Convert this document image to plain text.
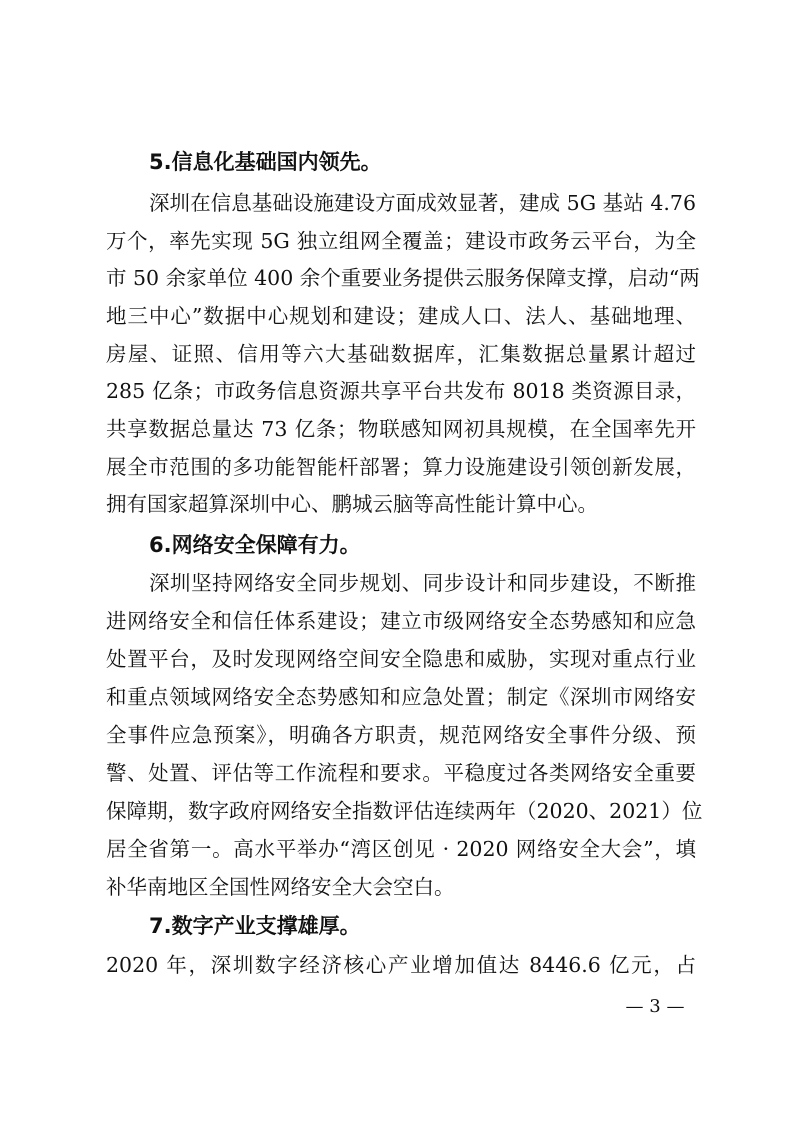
5.信息化基础国内领先。
深圳在信息基础设施建设方面成效显著，建成 5G 基站 4.76
万个，率先实现 5G 独立组网全覆盖；建设市政务云平台，为全
市 50 余家单位 400 余个重要业务提供云服务保障支撑，启动“两
地三中心”数据中心规划和建设；建成人口、法人、基础地理、
房屋、证照、信用等六大基础数据库，汇集数据总量累计超过
285 亿条；市政务信息资源共享平台共发布 8018 类资源目录，
共享数据总量达 73 亿条；物联感知网初具规模，在全国率先开
展全市范围的多功能智能杆部署；算力设施建设引领创新发展，
拥有国家超算深圳中心、鹏城云脑等高性能计算中心。
6.网络安全保障有力。
深圳坚持网络安全同步规划、同步设计和同步建设，不断推
进网络安全和信任体系建设；建立市级网络安全态势感知和应急
处置平台，及时发现网络空间安全隐患和威胁，实现对重点行业
和重点领域网络安全态势感知和应急处置；制定《深圳市网络安
全事件应急预案》，明确各方职责，规范网络安全事件分级、预
警、处置、评估等工作流程和要求。平稳度过各类网络安全重要
保障期，数字政府网络安全指数评估连续两年（2020、2021）位
居全省第一。高水平举办“湾区创见 · 2020 网络安全大会”，填
补华南地区全国性网络安全大会空白。
7.数字产业支撑雄厚。
2020 年，深圳数字经济核心产业增加值达 8446.6 亿元，占
— 3 —
